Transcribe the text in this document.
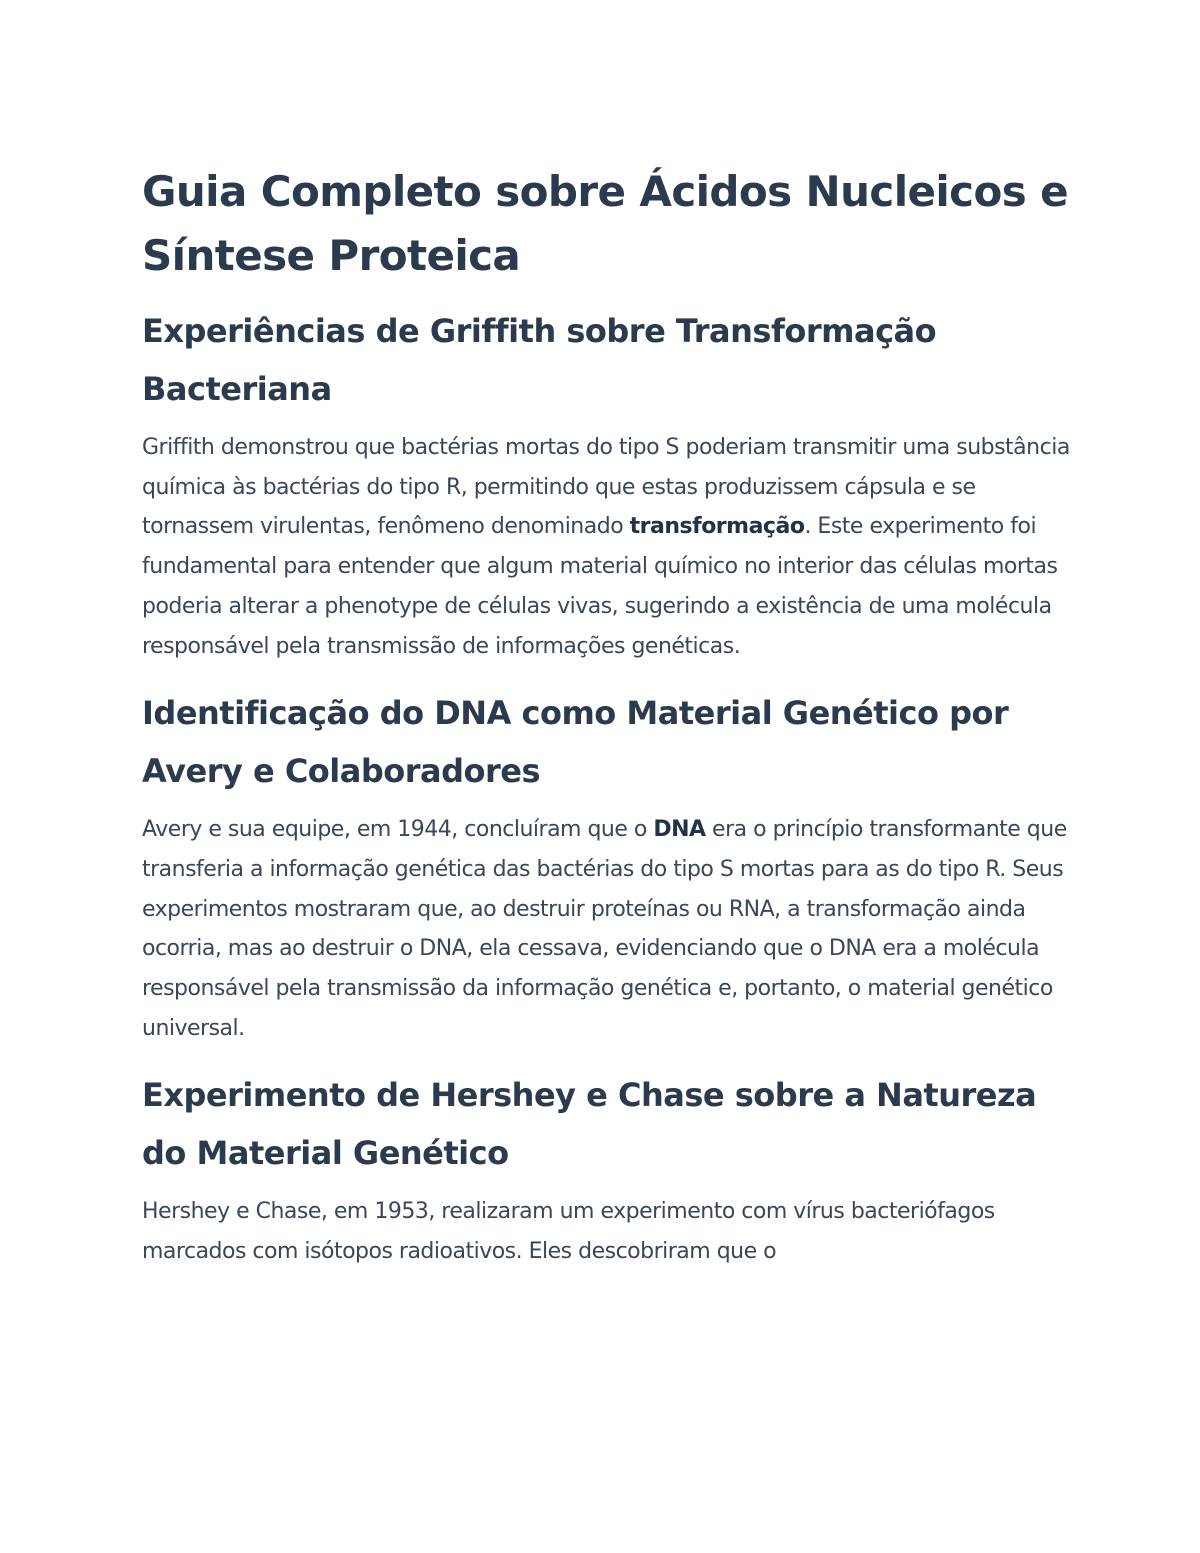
Guia Completo sobre Ácidos Nucleicos e Síntese Proteica
Experiências de Griffith sobre Transformação Bacteriana

Griffith demonstrou que bactérias mortas do tipo S poderiam transmitir uma substância química às bactérias do tipo R, permitindo que estas produzissem cápsula e se tornassem virulentas, fenômeno denominado transformação. Este experimento foi fundamental para entender que algum material químico no interior das células mortas poderia alterar a phenotype de células vivas, sugerindo a existência de uma molécula responsável pela transmissão de informações genéticas.

Identificação do DNA como Material Genético por Avery e Colaboradores

Avery e sua equipe, em 1944, concluíram que o DNA era o princípio transformante que transferia a informação genética das bactérias do tipo S mortas para as do tipo R. Seus experimentos mostraram que, ao destruir proteínas ou RNA, a transformação ainda ocorria, mas ao destruir o DNA, ela cessava, evidenciando que o DNA era a molécula responsável pela transmissão da informação genética e, portanto, o material genético universal.

Experimento de Hershey e Chase sobre a Natureza do Material Genético

Hershey e Chase, em 1953, realizaram um experimento com vírus bacteriófagos marcados com isótopos radioativos. Eles descobriram que o
